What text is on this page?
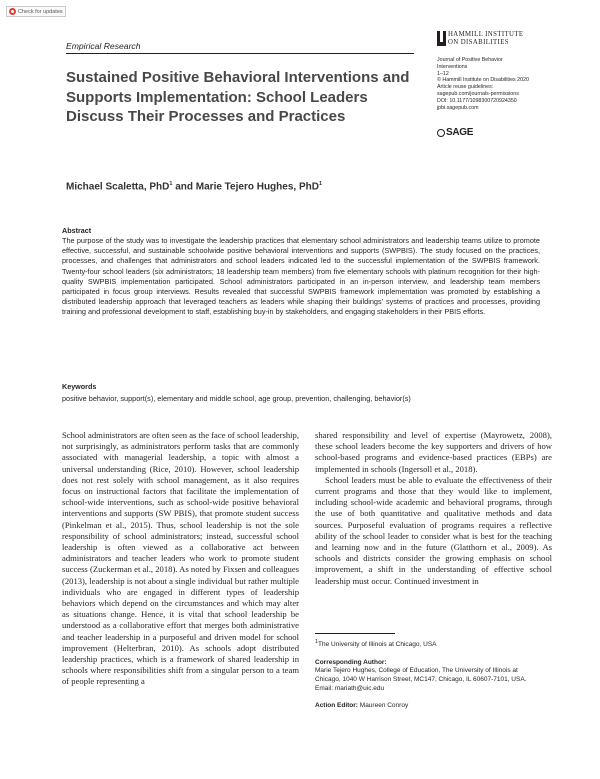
Check for updates
Empirical Research
HAMMILL INSTITUTE
ON DISABILITIES
Journal of Positive Behavior
Interventions
1–12
© Hammill Institute on Disabilities 2020
Article reuse guidelines:
sagepub.com/journals-permissions
DOI: 10.1177/1098300720924350
jpbi.sagepub.com
SAGE
Sustained Positive Behavioral Interventions and Supports Implementation: School Leaders Discuss Their Processes and Practices
Michael Scaletta, PhD$^1$ and Marie Tejero Hughes, PhD$^1$
Abstract

The purpose of the study was to investigate the leadership practices that elementary school administrators and leadership teams utilize to promote effective, successful, and sustainable schoolwide positive behavioral interventions and supports (SWPBIS). The study focused on the practices, processes, and challenges that administrators and school leaders indicated led to the successful implementation of the SWPBIS framework. Twenty-four school leaders (six administrators; 18 leadership team members) from five elementary schools with platinum recognition for their high-quality SWPBIS implementation participated. School administrators participated in an in-person interview, and leadership team members participated in focus group interviews. Results revealed that successful SWPBIS framework implementation was promoted by establishing a distributed leadership approach that leveraged teachers as leaders while shaping their buildings' systems of practices and processes, providing training and professional development to staff, establishing buy-in by stakeholders, and engaging stakeholders in their PBIS efforts.

Keywords
positive behavior, support(s), elementary and middle school, age group, prevention, challenging, behavior(s)

School administrators are often seen as the face of school leadership, not surprisingly, as administrators perform tasks that are commonly associated with managerial leadership, a topic with almost a universal understanding (Rice, 2010). However, school leadership does not rest solely with school management, as it also requires focus on instructional factors that facilitate the implementation of school-wide interventions, such as school-wide positive behavioral interventions and supports (SW PBIS), that promote student success (Pinkelman et al., 2015). Thus, school leadership is not the sole responsibility of school administrators; instead, successful school leadership is often viewed as a collaborative act between administrators and teacher leaders who work to promote student success (Zuckerman et al., 2018). As noted by Fixsen and colleagues (2013), leadership is not about a single individual but rather multiple individuals who are engaged in different types of leadership behaviors which depend on the circumstances and which may alter as situations change. Hence, it is vital that school leadership be understood as a collaborative effort that merges both administrative and teacher leadership in a purposeful and driven model for school improvement (Helterbran, 2010). As schools adopt distributed leadership practices, which is a framework of shared leadership in schools where responsibilities shift from a singular person to a team of people representing a

shared responsibility and level of expertise (Mayrowetz, 2008), these school leaders become the key supporters and drivers of how school-based programs and evidence-based practices (EBPs) are implemented in schools (Ingersoll et al., 2018).

School leaders must be able to evaluate the effectiveness of their current programs and those that they would like to implement, including school-wide academic and behavioral programs, through the use of both quantitative and qualitative methods and data sources. Purposeful evaluation of programs requires a reflective ability of the school leader to consider what is best for the teaching and learning now and in the future (Glatthorn et al., 2009). As schools and districts consider the growing emphasis on school improvement, a shift in the understanding of effective school leadership must occur. Continued investment in

$^1$The University of Illinois at Chicago, USA

Corresponding Author:

Marie Tejero Hughes, College of Education, The University of Illinois at Chicago, 1040 W Harrison Street, MC147, Chicago, IL 60607-7101, USA.

Email: mariath@uic.edu

Action Editor: Maureen Conroy
